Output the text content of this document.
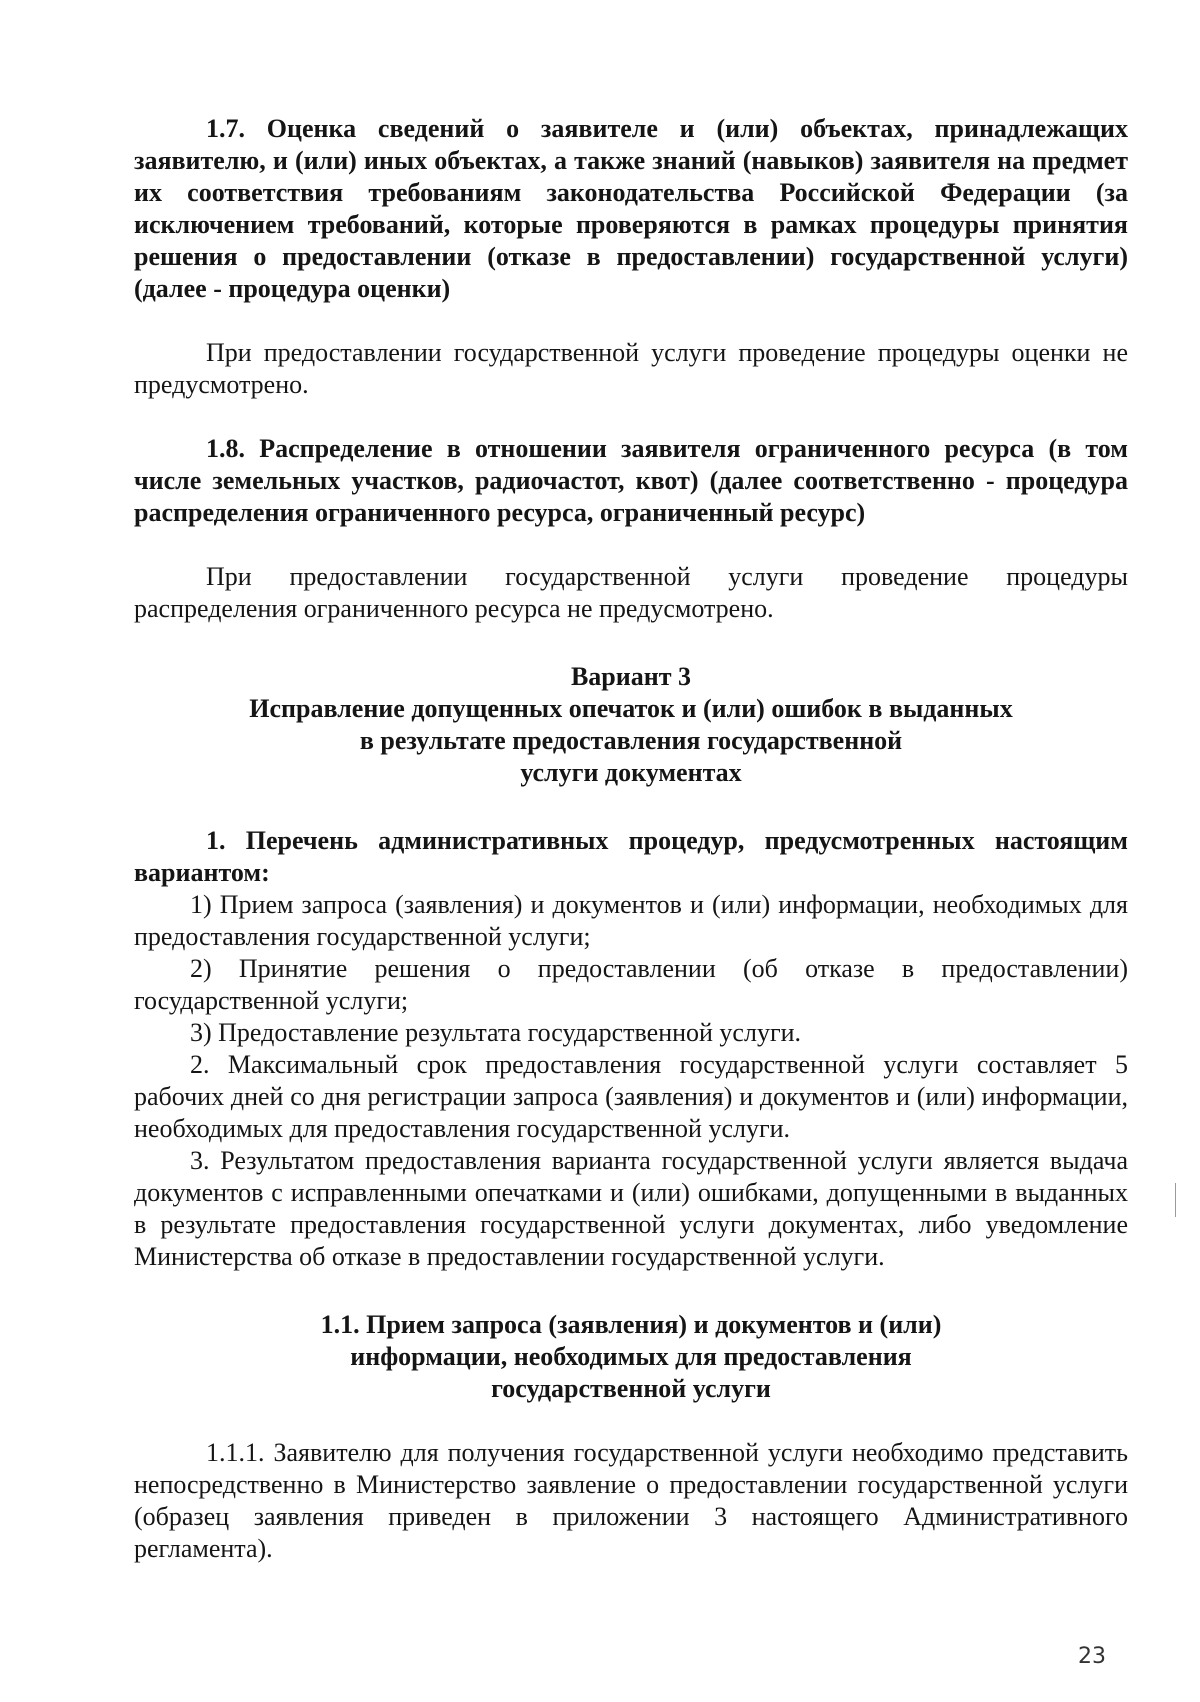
1.7. Оценка сведений о заявителе и (или) объектах, принадлежащих заявителю, и (или) иных объектах, а также знаний (навыков) заявителя на предмет их соответствия требованиям законодательства Российской Федерации (за исключением требований, которые проверяются в рамках процедуры принятия решения о предоставлении (отказе в предоставлении) государственной услуги) (далее - процедура оценки)

При предоставлении государственной услуги проведение процедуры оценки не предусмотрено.

1.8. Распределение в отношении заявителя ограниченного ресурса (в том числе земельных участков, радиочастот, квот) (далее соответственно - процедура распределения ограниченного ресурса, ограниченный ресурс)

При предоставлении государственной услуги проведение процедуры распределения ограниченного ресурса не предусмотрено.

Вариант 3

Исправление допущенных опечаток и (или) ошибок в выданных

в результате предоставления государственной

услуги документах

1. Перечень административных процедур, предусмотренных настоящим вариантом:

1) Прием запроса (заявления) и документов и (или) информации, необходимых для предоставления государственной услуги;

2) Принятие решения о предоставлении (об отказе в предоставлении) государственной услуги;

3) Предоставление результата государственной услуги.

2. Максимальный срок предоставления государственной услуги составляет 5 рабочих дней со дня регистрации запроса (заявления) и документов и (или) информации, необходимых для предоставления государственной услуги.

3. Результатом предоставления варианта государственной услуги является выдача документов с исправленными опечатками и (или) ошибками, допущенными в выданных в результате предоставления государственной услуги документах, либо уведомление Министерства об отказе в предоставлении государственной услуги.

1.1. Прием запроса (заявления) и документов и (или)

информации, необходимых для предоставления

государственной услуги

1.1.1. Заявителю для получения государственной услуги необходимо представить непосредственно в Министерство заявление о предоставлении государственной услуги (образец заявления приведен в приложении 3 настоящего Административного регламента).

23
